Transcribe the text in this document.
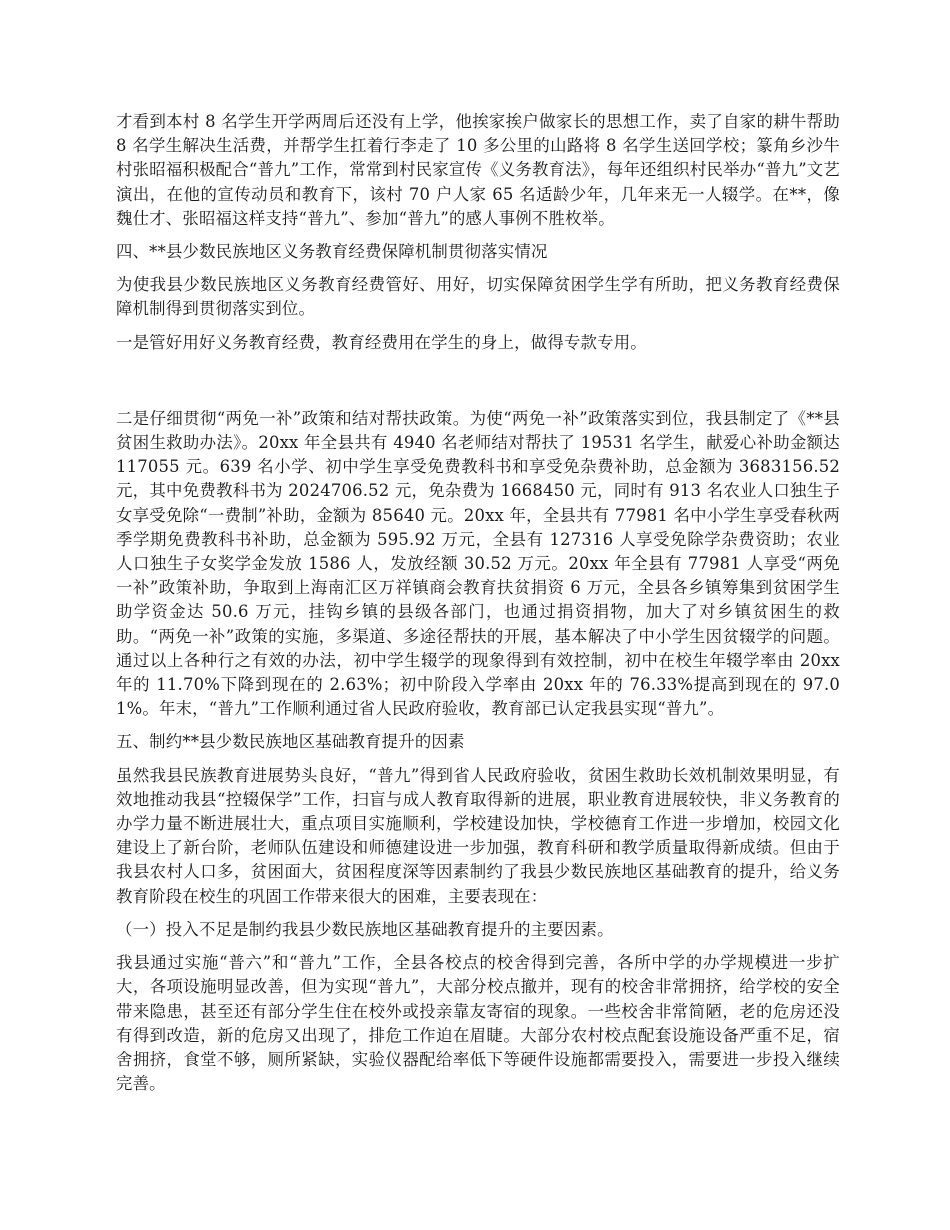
才看到本村 8 名学生开学两周后还没有上学，他挨家挨户做家长的思想工作，卖了自家的耕牛帮助 8 名学生解决生活费，并帮学生扛着行李走了 10 多公里的山路将 8 名学生送回学校；篆角乡沙牛村张昭福积极配合“普九”工作，常常到村民家宣传《义务教育法》，每年还组织村民举办“普九”文艺演出，在他的宣传动员和教育下，该村 70 户人家 65 名适龄少年，几年来无一人辍学。在**，像魏仕才、张昭福这样支持“普九”、参加“普九”的感人事例不胜枚举。

四、**县少数民族地区义务教育经费保障机制贯彻落实情况

为使我县少数民族地区义务教育经费管好、用好，切实保障贫困学生学有所助，把义务教育经费保障机制得到贯彻落实到位。

一是管好用好义务教育经费，教育经费用在学生的身上，做得专款专用。

二是仔细贯彻“两免一补”政策和结对帮扶政策。为使“两免一补”政策落实到位，我县制定了《**县贫困生救助办法》。20xx 年全县共有 4940 名老师结对帮扶了 19531 名学生，献爱心补助金额达 117055 元。639 名小学、初中学生享受免费教科书和享受免杂费补助，总金额为 3683156.52 元，其中免费教科书为 2024706.52 元，免杂费为 1668450 元，同时有 913 名农业人口独生子女享受免除“一费制”补助，金额为 85640 元。20xx 年，全县共有 77981 名中小学生享受春秋两季学期免费教科书补助，总金额为 595.92 万元，全县有 127316 人享受免除学杂费资助；农业人口独生子女奖学金发放 1586 人，发放经额 30.52 万元。20xx 年全县有 77981 人享受“两免一补”政策补助，争取到上海南汇区万祥镇商会教育扶贫捐资 6 万元，全县各乡镇筹集到贫困学生助学资金达 50.6 万元，挂钩乡镇的县级各部门，也通过捐资捐物，加大了对乡镇贫困生的救助。“两免一补”政策的实施，多渠道、多途径帮扶的开展，基本解决了中小学生因贫辍学的问题。通过以上各种行之有效的办法，初中学生辍学的现象得到有效控制，初中在校生年辍学率由 20xx 年的 11.70%下降到现在的 2.63%；初中阶段入学率由 20xx 年的 76.33%提高到现在的 97.01%。年末，“普九”工作顺利通过省人民政府验收，教育部已认定我县实现“普九”。

五、制约**县少数民族地区基础教育提升的因素

虽然我县民族教育进展势头良好，“普九”得到省人民政府验收，贫困生救助长效机制效果明显，有效地推动我县“控辍保学”工作，扫盲与成人教育取得新的进展，职业教育进展较快，非义务教育的办学力量不断进展壮大，重点项目实施顺利，学校建设加快，学校德育工作进一步增加，校园文化建设上了新台阶，老师队伍建设和师德建设进一步加强，教育科研和教学质量取得新成绩。但由于我县农村人口多，贫困面大，贫困程度深等因素制约了我县少数民族地区基础教育的提升，给义务教育阶段在校生的巩固工作带来很大的困难，主要表现在：

（一）投入不足是制约我县少数民族地区基础教育提升的主要因素。

我县通过实施“普六”和“普九”工作，全县各校点的校舍得到完善，各所中学的办学规模进一步扩大，各项设施明显改善，但为实现“普九”，大部分校点撤并，现有的校舍非常拥挤，给学校的安全带来隐患，甚至还有部分学生住在校外或投亲靠友寄宿的现象。一些校舍非常简陋，老的危房还没有得到改造，新的危房又出现了，排危工作迫在眉睫。大部分农村校点配套设施设备严重不足，宿舍拥挤，食堂不够，厕所紧缺，实验仪器配给率低下等硬件设施都需要投入，需要进一步投入继续完善。
